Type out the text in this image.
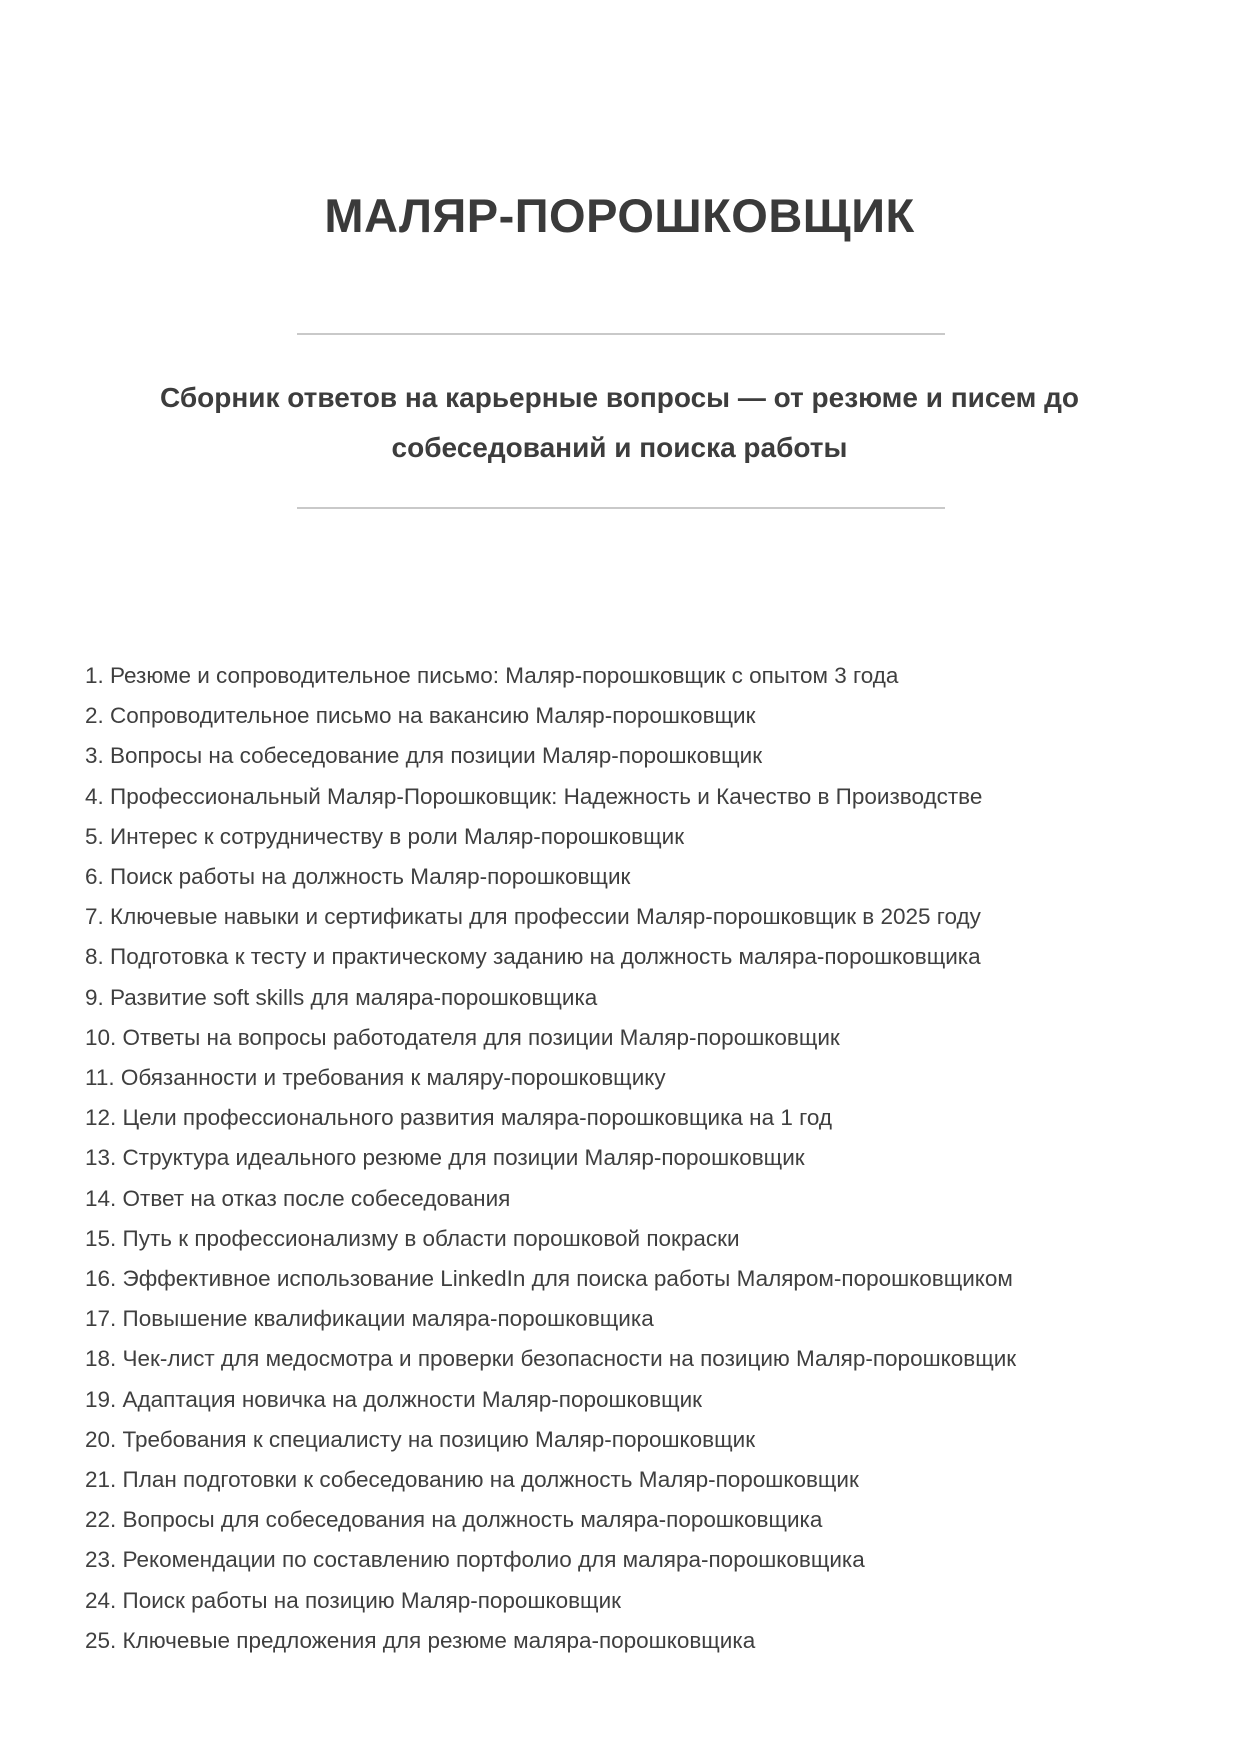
МАЛЯР-ПОРОШКОВЩИК
Сборник ответов на карьерные вопросы — от резюме и писем до
собеседований и поиска работы
1. Резюме и сопроводительное письмо: Маляр-порошковщик с опытом 3 года
2. Сопроводительное письмо на вакансию Маляр-порошковщик
3. Вопросы на собеседование для позиции Маляр-порошковщик
4. Профессиональный Маляр-Порошковщик: Надежность и Качество в Производстве
5. Интерес к сотрудничеству в роли Маляр-порошковщик
6. Поиск работы на должность Маляр-порошковщик
7. Ключевые навыки и сертификаты для профессии Маляр-порошковщик в 2025 году
8. Подготовка к тесту и практическому заданию на должность маляра-порошковщика
9. Развитие soft skills для маляра-порошковщика
10. Ответы на вопросы работодателя для позиции Маляр-порошковщик
11. Обязанности и требования к маляру-порошковщику
12. Цели профессионального развития маляра-порошковщика на 1 год
13. Структура идеального резюме для позиции Маляр-порошковщик
14. Ответ на отказ после собеседования
15. Путь к профессионализму в области порошковой покраски
16. Эффективное использование LinkedIn для поиска работы Маляром-порошковщиком
17. Повышение квалификации маляра-порошковщика
18. Чек-лист для медосмотра и проверки безопасности на позицию Маляр-порошковщик
19. Адаптация новичка на должности Маляр-порошковщик
20. Требования к специалисту на позицию Маляр-порошковщик
21. План подготовки к собеседованию на должность Маляр-порошковщик
22. Вопросы для собеседования на должность маляра-порошковщика
23. Рекомендации по составлению портфолио для маляра-порошковщика
24. Поиск работы на позицию Маляр-порошковщик
25. Ключевые предложения для резюме маляра-порошковщика
